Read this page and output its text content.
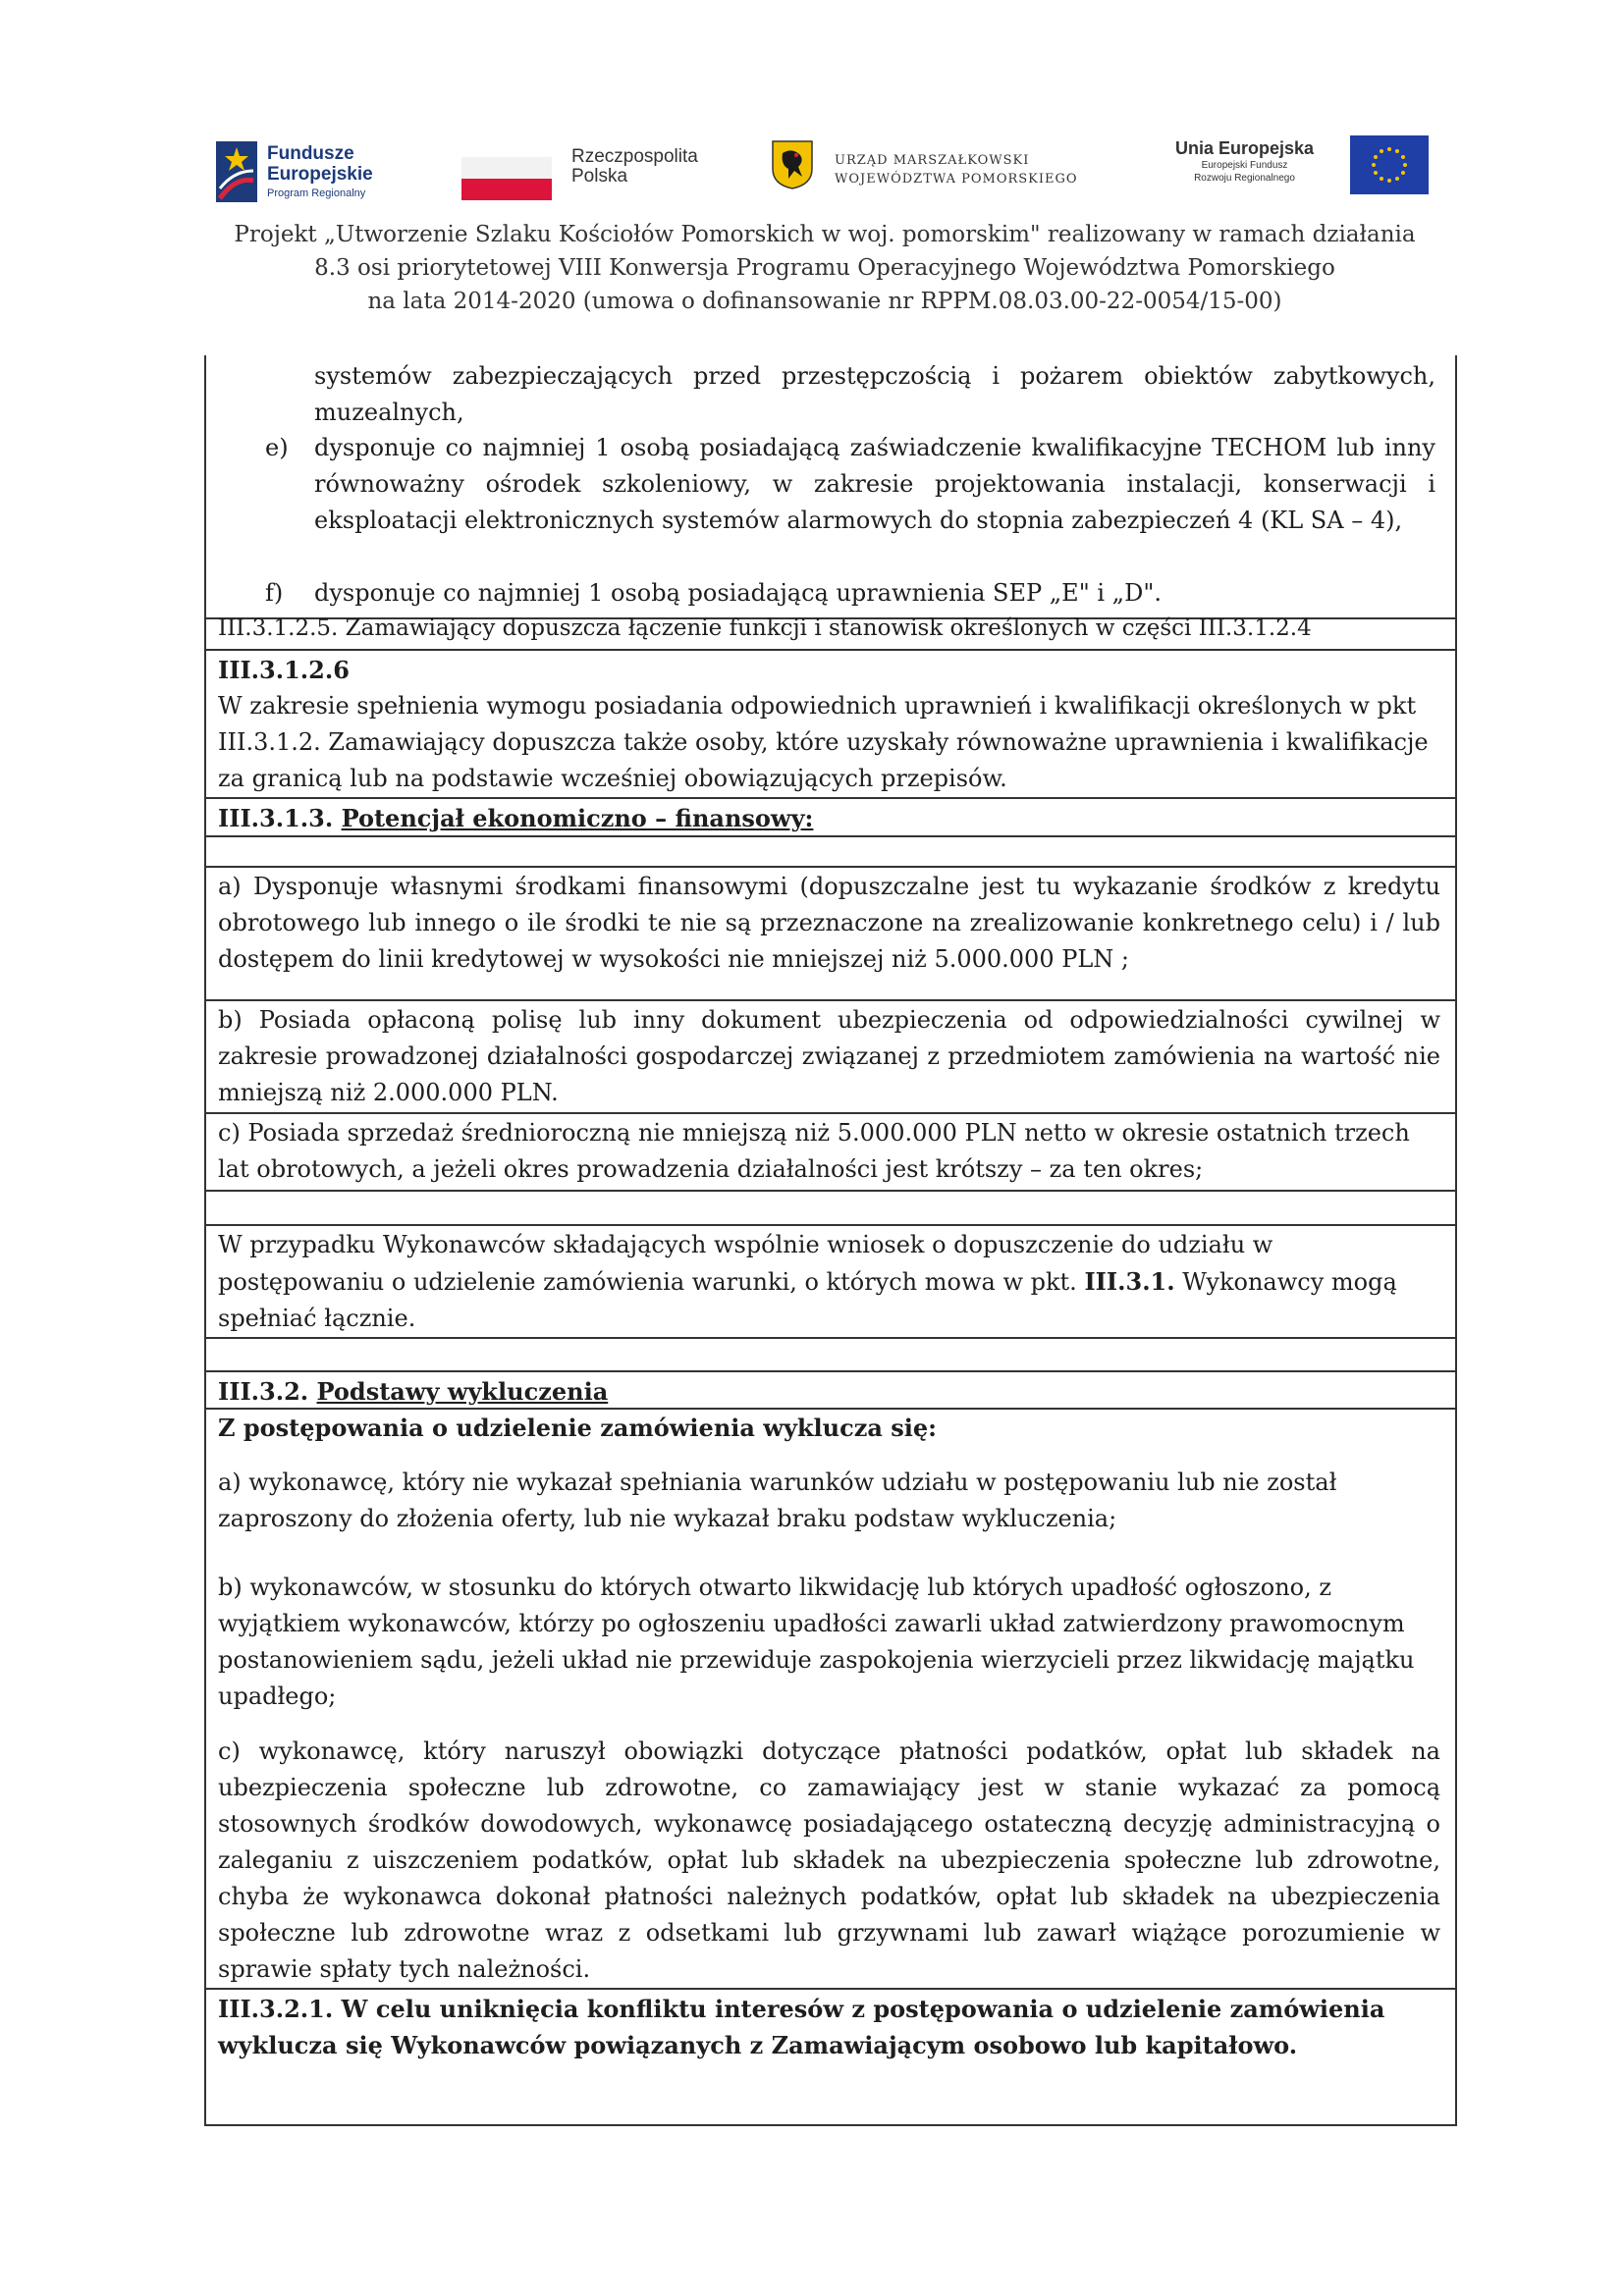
Fundusze
Europejskie
Program Regionalny
Rzeczpospolita
Polska
URZĄD MARSZAŁKOWSKI
WOJEWÓDZTWA POMORSKIEGO
Unia Europejska
Europejski Fundusz
Rozwoju Regionalnego
Projekt „Utworzenie Szlaku Kościołów Pomorskich w woj. pomorskim" realizowany w ramach działania
8.3 osi priorytetowej VIII Konwersja Programu Operacyjnego Województwa Pomorskiego
na lata 2014-2020 (umowa o dofinansowanie nr RPPM.08.03.00-22-0054/15-00)
systemów zabezpieczających przed przestępczością i pożarem obiektów zabytkowych, muzealnych,
e) dysponuje co najmniej 1 osobą posiadającą zaświadczenie kwalifikacyjne TECHOM lub inny równoważny ośrodek szkoleniowy, w zakresie projektowania instalacji, konserwacji i eksploatacji elektronicznych systemów alarmowych do stopnia zabezpieczeń 4 (KL SA – 4),
f) dysponuje co najmniej 1 osobą posiadającą uprawnienia SEP „E" i „D".
III.3.1.2.5. Zamawiający dopuszcza łączenie funkcji i stanowisk określonych w części III.3.1.2.4
III.3.1.2.6
W zakresie spełnienia wymogu posiadania odpowiednich uprawnień i kwalifikacji określonych w pkt III.3.1.2. Zamawiający dopuszcza także osoby, które uzyskały równoważne uprawnienia i kwalifikacje za granicą lub na podstawie wcześniej obowiązujących przepisów.
III.3.1.3. Potencjał ekonomiczno – finansowy:
a) Dysponuje własnymi środkami finansowymi (dopuszczalne jest tu wykazanie środków z kredytu obrotowego lub innego o ile środki te nie są przeznaczone na zrealizowanie konkretnego celu) i / lub dostępem do linii kredytowej w wysokości nie mniejszej niż 5.000.000 PLN ;
b) Posiada opłaconą polisę lub inny dokument ubezpieczenia od odpowiedzialności cywilnej w zakresie prowadzonej działalności gospodarczej związanej z przedmiotem zamówienia na wartość nie mniejszą niż 2.000.000 PLN.
c) Posiada sprzedaż średnioroczną nie mniejszą niż 5.000.000 PLN netto w okresie ostatnich trzech lat obrotowych, a jeżeli okres prowadzenia działalności jest krótszy – za ten okres;
W przypadku Wykonawców składających wspólnie wniosek o dopuszczenie do udziału w postępowaniu o udzielenie zamówienia warunki, o których mowa w pkt. III.3.1. Wykonawcy mogą spełniać łącznie.
III.3.2. Podstawy wykluczenia
Z postępowania o udzielenie zamówienia wyklucza się:
a) wykonawcę, który nie wykazał spełniania warunków udziału w postępowaniu lub nie został zaproszony do złożenia oferty, lub nie wykazał braku podstaw wykluczenia;
b) wykonawców, w stosunku do których otwarto likwidację lub których upadłość ogłoszono, z wyjątkiem wykonawców, którzy po ogłoszeniu upadłości zawarli układ zatwierdzony prawomocnym postanowieniem sądu, jeżeli układ nie przewiduje zaspokojenia wierzycieli przez likwidację majątku upadłego;
c) wykonawcę, który naruszył obowiązki dotyczące płatności podatków, opłat lub składek na ubezpieczenia społeczne lub zdrowotne, co zamawiający jest w stanie wykazać za pomocą stosownych środków dowodowych, wykonawcę posiadającego ostateczną decyzję administracyjną o zaleganiu z uiszczeniem podatków, opłat lub składek na ubezpieczenia społeczne lub zdrowotne, chyba że wykonawca dokonał płatności należnych podatków, opłat lub składek na ubezpieczenia społeczne lub zdrowotne wraz z odsetkami lub grzywnami lub zawarł wiążące porozumienie w sprawie spłaty tych należności.
III.3.2.1. W celu uniknięcia konfliktu interesów z postępowania o udzielenie zamówienia wyklucza się Wykonawców powiązanych z Zamawiającym osobowo lub kapitałowo.
